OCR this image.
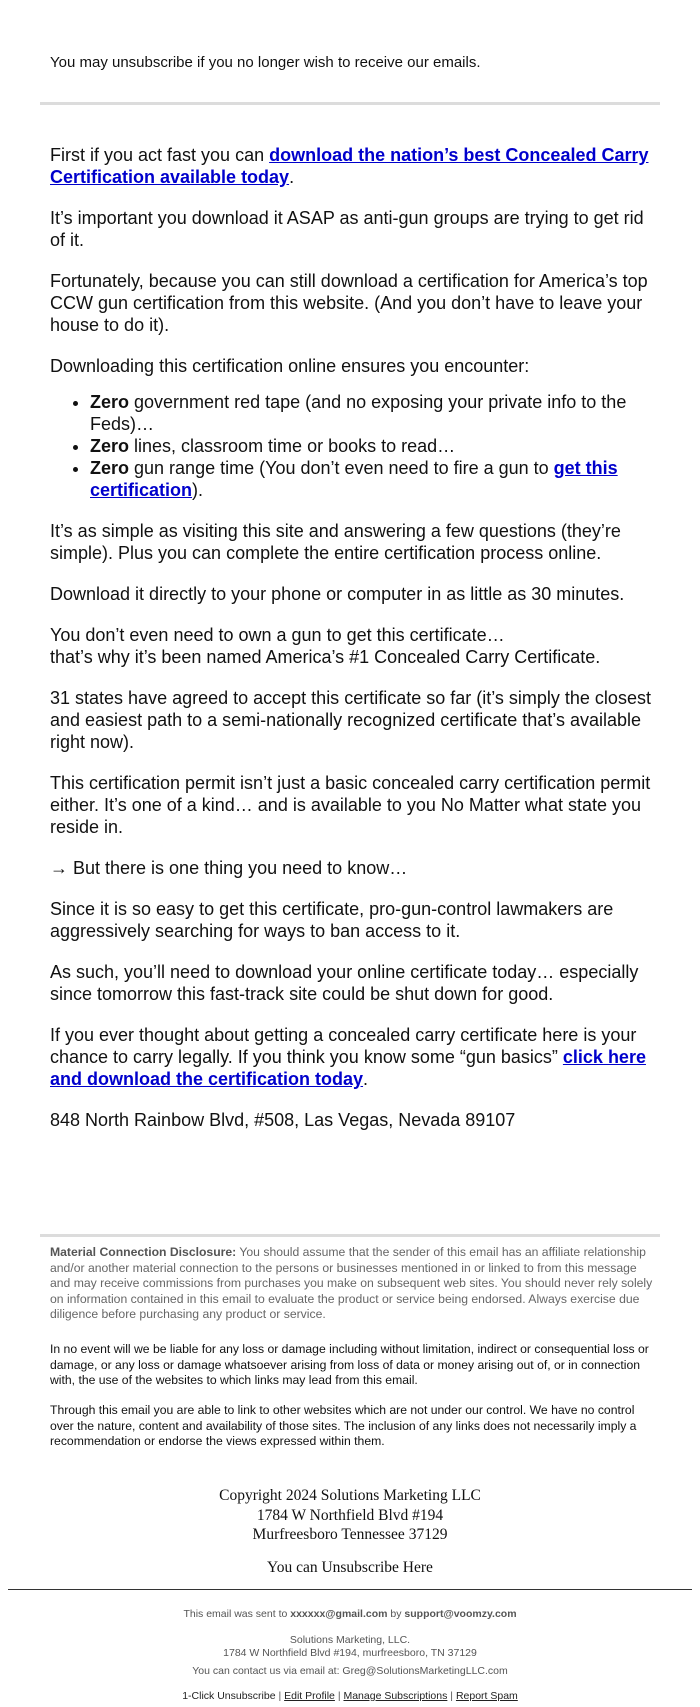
You may unsubscribe if you no longer wish to receive our emails.

First if you act fast you can download the nation’s best Concealed Carry Certification available today.

It’s important you download it ASAP as anti-gun groups are trying to get rid of it.

Fortunately, because you can still download a certification for America’s top CCW gun certification from this website. (And you don’t have to leave your house to do it).

Downloading this certification online ensures you encounter:

• Zero government red tape (and no exposing your private info to the Feds)…
• Zero lines, classroom time or books to read…
• Zero gun range time (You don’t even need to fire a gun to get this certification).

It’s as simple as visiting this site and answering a few questions (they’re simple). Plus you can complete the entire certification process online.

Download it directly to your phone or computer in as little as 30 minutes.

You don’t even need to own a gun to get this certificate…
that’s why it’s been named America’s #1 Concealed Carry Certificate.

31 states have agreed to accept this certificate so far (it’s simply the closest and easiest path to a semi-nationally recognized certificate that’s available right now).

This certification permit isn’t just a basic concealed carry certification permit either. It’s one of a kind… and is available to you No Matter what state you reside in.

→ But there is one thing you need to know…

Since it is so easy to get this certificate, pro-gun-control lawmakers are aggressively searching for ways to ban access to it.

As such, you’ll need to download your online certificate today… especially since tomorrow this fast-track site could be shut down for good.

If you ever thought about getting a concealed carry certificate here is your chance to carry legally. If you think you know some “gun basics” click here and download the certification today.

848 North Rainbow Blvd, #508, Las Vegas, Nevada 89107

Material Connection Disclosure: You should assume that the sender of this email has an affiliate relationship and/or another material connection to the persons or businesses mentioned in or linked to from this message and may receive commissions from purchases you make on subsequent web sites. You should never rely solely on information contained in this email to evaluate the product or service being endorsed. Always exercise due diligence before purchasing any product or service.

In no event will we be liable for any loss or damage including without limitation, indirect or consequential loss or damage, or any loss or damage whatsoever arising from loss of data or money arising out of, or in connection with, the use of the websites to which links may lead from this email.
Through this email you are able to link to other websites which are not under our control. We have no control over the nature, content and availability of those sites. The inclusion of any links does not necessarily imply a recommendation or endorse the views expressed within them.
Copyright 2024 Solutions Marketing LLC
1784 W Northfield Blvd #194
Murfreesboro Tennessee 37129
You can Unsubscribe Here
This email was sent to xxxxxx@gmail.com by support@voomzy.com
Solutions Marketing, LLC.
1784 W Northfield Blvd #194, murfreesboro, TN 37129
You can contact us via email at: Greg@SolutionsMarketingLLC.com
1-Click Unsubscribe | Edit Profile | Manage Subscriptions | Report Spam
